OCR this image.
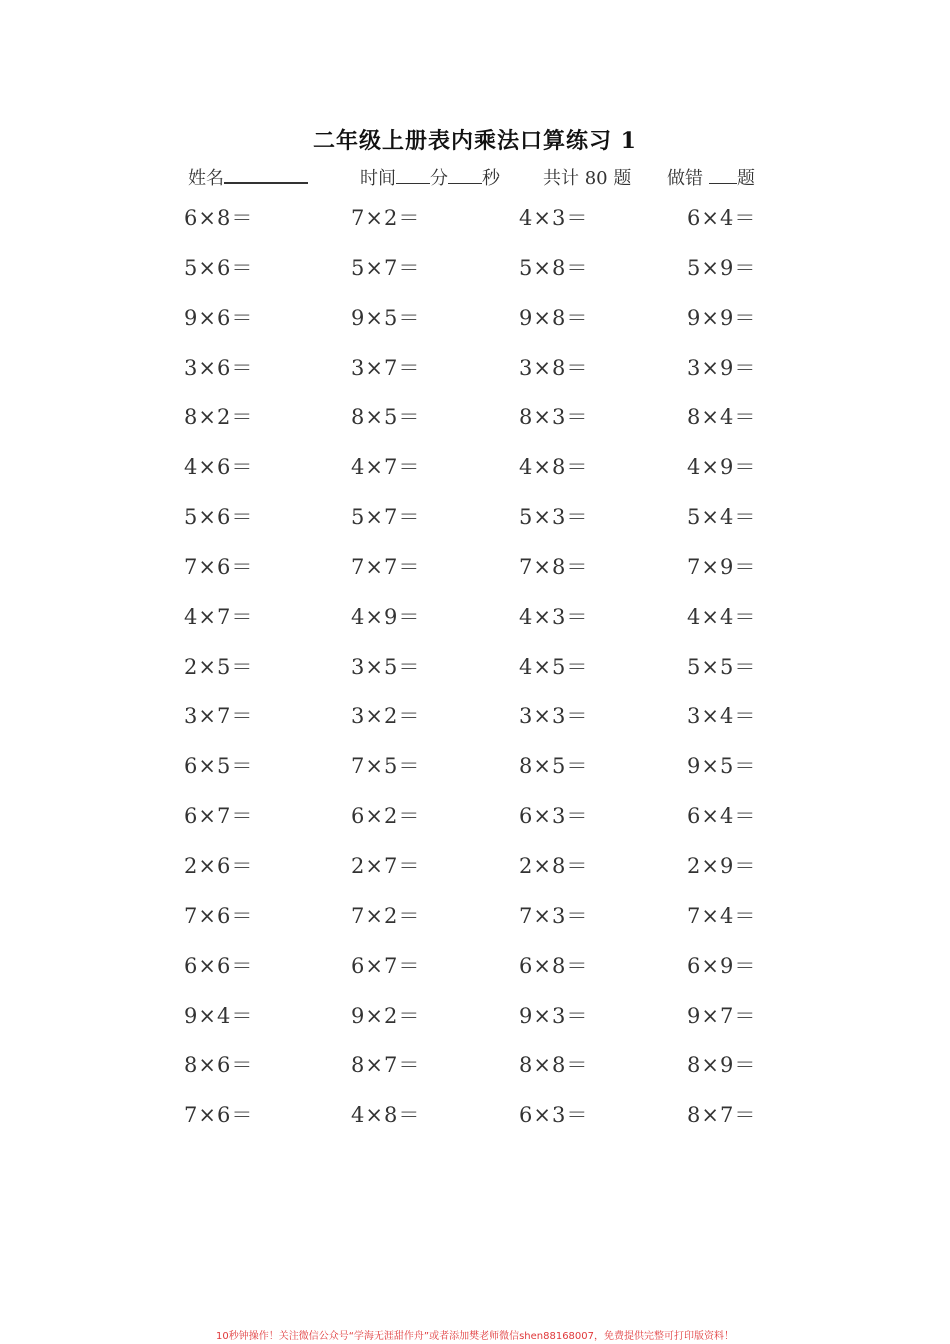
二年级上册表内乘法口算练习 1
姓名	时间 分 秒 共计 80 题 做错 题
6×8＝	7×2＝	4×3＝	6×4＝
5×6＝	5×7＝	5×8＝	5×9＝
9×6＝	9×5＝	9×8＝	9×9＝
3×6＝	3×7＝	3×8＝	3×9＝
8×2＝	8×5＝	8×3＝	8×4＝
4×6＝	4×7＝	4×8＝	4×9＝
5×6＝	5×7＝	5×3＝	5×4＝
7×6＝	7×7＝	7×8＝	7×9＝
4×7＝	4×9＝	4×3＝	4×4＝
2×5＝	3×5＝	4×5＝	5×5＝
3×7＝	3×2＝	3×3＝	3×4＝
6×5＝	7×5＝	8×5＝	9×5＝
6×7＝	6×2＝	6×3＝	6×4＝
2×6＝	2×7＝	2×8＝	2×9＝
7×6＝	7×2＝	7×3＝	7×4＝
6×6＝	6×7＝	6×8＝	6×9＝
9×4＝	9×2＝	9×3＝	9×7＝
8×6＝	8×7＝	8×8＝	8×9＝
7×6＝	4×8＝	6×3＝	8×7＝
10秒钟操作！关注微信公众号“学海无涯甜作舟”或者添加樊老师微信shen88168007，免费提供完整可打印版资料！
